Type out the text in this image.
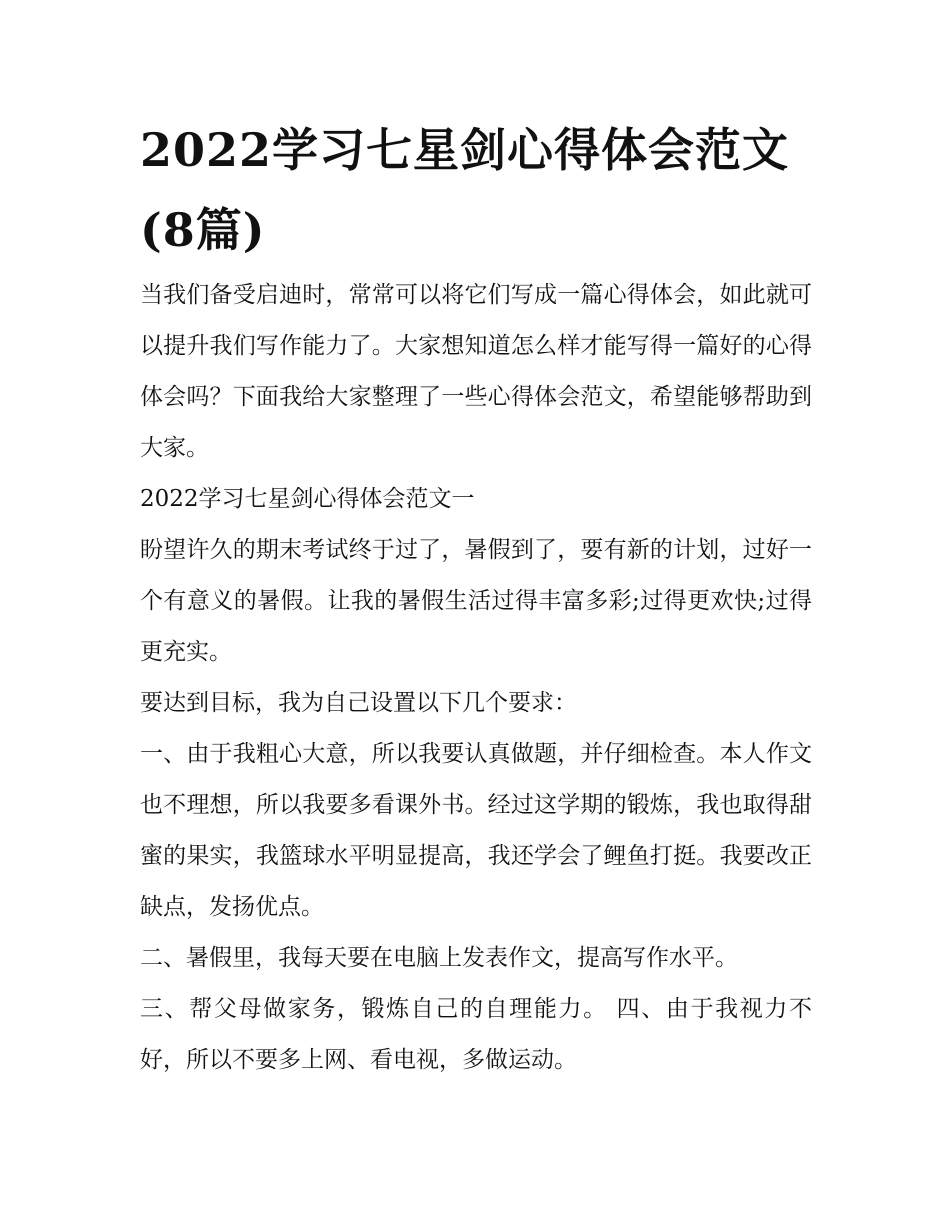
2022学习七星剑心得体会范文(8篇)

当我们备受启迪时，常常可以将它们写成一篇心得体会，如此就可以提升我们写作能力了。大家想知道怎么样才能写得一篇好的心得体会吗？下面我给大家整理了一些心得体会范文，希望能够帮助到大家。

2022学习七星剑心得体会范文一

盼望许久的期末考试终于过了，暑假到了，要有新的计划，过好一个有意义的暑假。让我的暑假生活过得丰富多彩;过得更欢快;过得更充实。

要达到目标，我为自己设置以下几个要求：

一、由于我粗心大意，所以我要认真做题，并仔细检查。本人作文也不理想，所以我要多看课外书。经过这学期的锻炼，我也取得甜蜜的果实，我篮球水平明显提高，我还学会了鲤鱼打挺。我要改正缺点，发扬优点。

二、暑假里，我每天要在电脑上发表作文，提高写作水平。

三、帮父母做家务，锻炼自己的自理能力。 四、由于我视力不好，所以不要多上网、看电视，多做运动。
